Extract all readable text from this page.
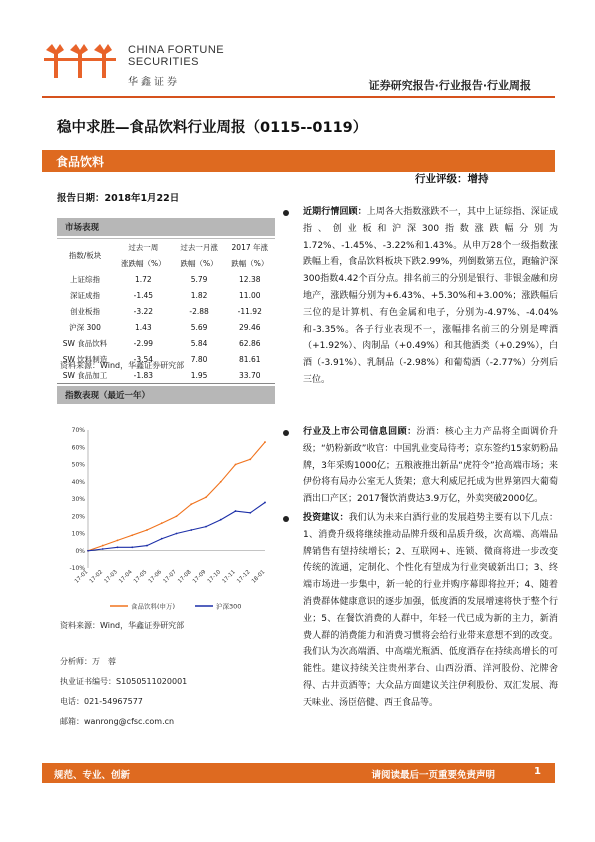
CHINA FORTUNE
SECURITIES
华鑫证券	证券研究报告·行业报告·行业周报
稳中求胜—食品饮料行业周报（0115--0119）
食品饮料
行业评级：增持
报告日期：2018年1月22日
市场表现
指数/板块	过去一周	过去一月涨	2017 年涨
	涨跌幅（%）	跌幅（%）	跌幅（%）
上证综指	1.72	5.79	12.38
深证成指	-1.45	1.82	11.00
创业板指	-3.22	-2.88	-11.92
沪深 300	1.43	5.69	29.46
SW 食品饮料	-2.99	5.84	62.86
SW 饮料制造	-3.54	7.80	81.61
SW 食品加工	-1.83	1.95	33.70
资料来源：Wind，华鑫证券研究部
指数表现（最近一年）
-10%
0%
10%
20%
30%
40%
50%
60%
70%
17-01 17-02 17-03 17-04 17-05 17-06 17-07 17-08 17-09 17-10 17-11 17-12 18-01
食品饮料(申万)	沪深300
资料来源：Wind，华鑫证券研究部
分析师：万　蓉
执业证书编号：S1050511020001
电话：021-54967577
邮箱：wanrong@cfsc.com.cn
近期行情回顾：上周各大指数涨跌不一，其中上证综指、深证成指、创业板和沪深300指数涨跌幅分别为1.72%、-1.45%、-3.22%和1.43%。从申万28个一级指数涨跌幅上看，食品饮料板块下跌2.99%，列倒数第五位，跑输沪深300指数4.42个百分点。排名前三的分别是银行、非银金融和房地产，涨跌幅分别为+6.43%、+5.30%和+3.00%；涨跌幅后三位的是计算机、有色金属和电子，分别为-4.97%、-4.04%和-3.35%。各子行业表现不一，涨幅排名前三的分别是啤酒（+1.92%）、肉制品（+0.49%）和其他酒类（+0.29%），白酒（-3.91%）、乳制品（-2.98%）和葡萄酒（-2.77%）分列后三位。
行业及上市公司信息回顾：汾酒：核心主力产品将全面调价升级；“奶粉新政”收官：中国乳业变局待考；京东签约15家奶粉品牌，3年采购1000亿；五粮液推出新品“虎符令”抢高端市场；来伊份将有局办公室无人货架；意大利威尼托成为世界第四大葡萄酒出口产区；2017餐饮消费达3.9万亿，外卖突破2000亿。
投资建议：我们认为未来白酒行业的发展趋势主要有以下几点：1、消费升级将继续推动品牌升级和品质升级，次高端、高端品牌销售有望持续增长；2、互联网+、连锁、微商将进一步改变传统的流通，定制化、个性化有望成为行业突破新出口；3、终端市场进一步集中，新一轮的行业并购序幕即将拉开；4、随着消费群体健康意识的逐步加强，低度酒的发展增速将快于整个行业；5、在餐饮消费的人群中，年轻一代已成为新的主力，新消费人群的消费能力和消费习惯将会给行业带来意想不到的改变。我们认为次高端酒、中高端光瓶酒、低度酒存在持续高增长的可能性。建议持续关注贵州茅台、山西汾酒、洋河股份、沱牌舍得、古井贡酒等；大众品方面建议关注伊利股份、双汇发展、海天味业、汤臣倍健、西王食品等。
规范、专业、创新	请阅读最后一页重要免责声明	1
